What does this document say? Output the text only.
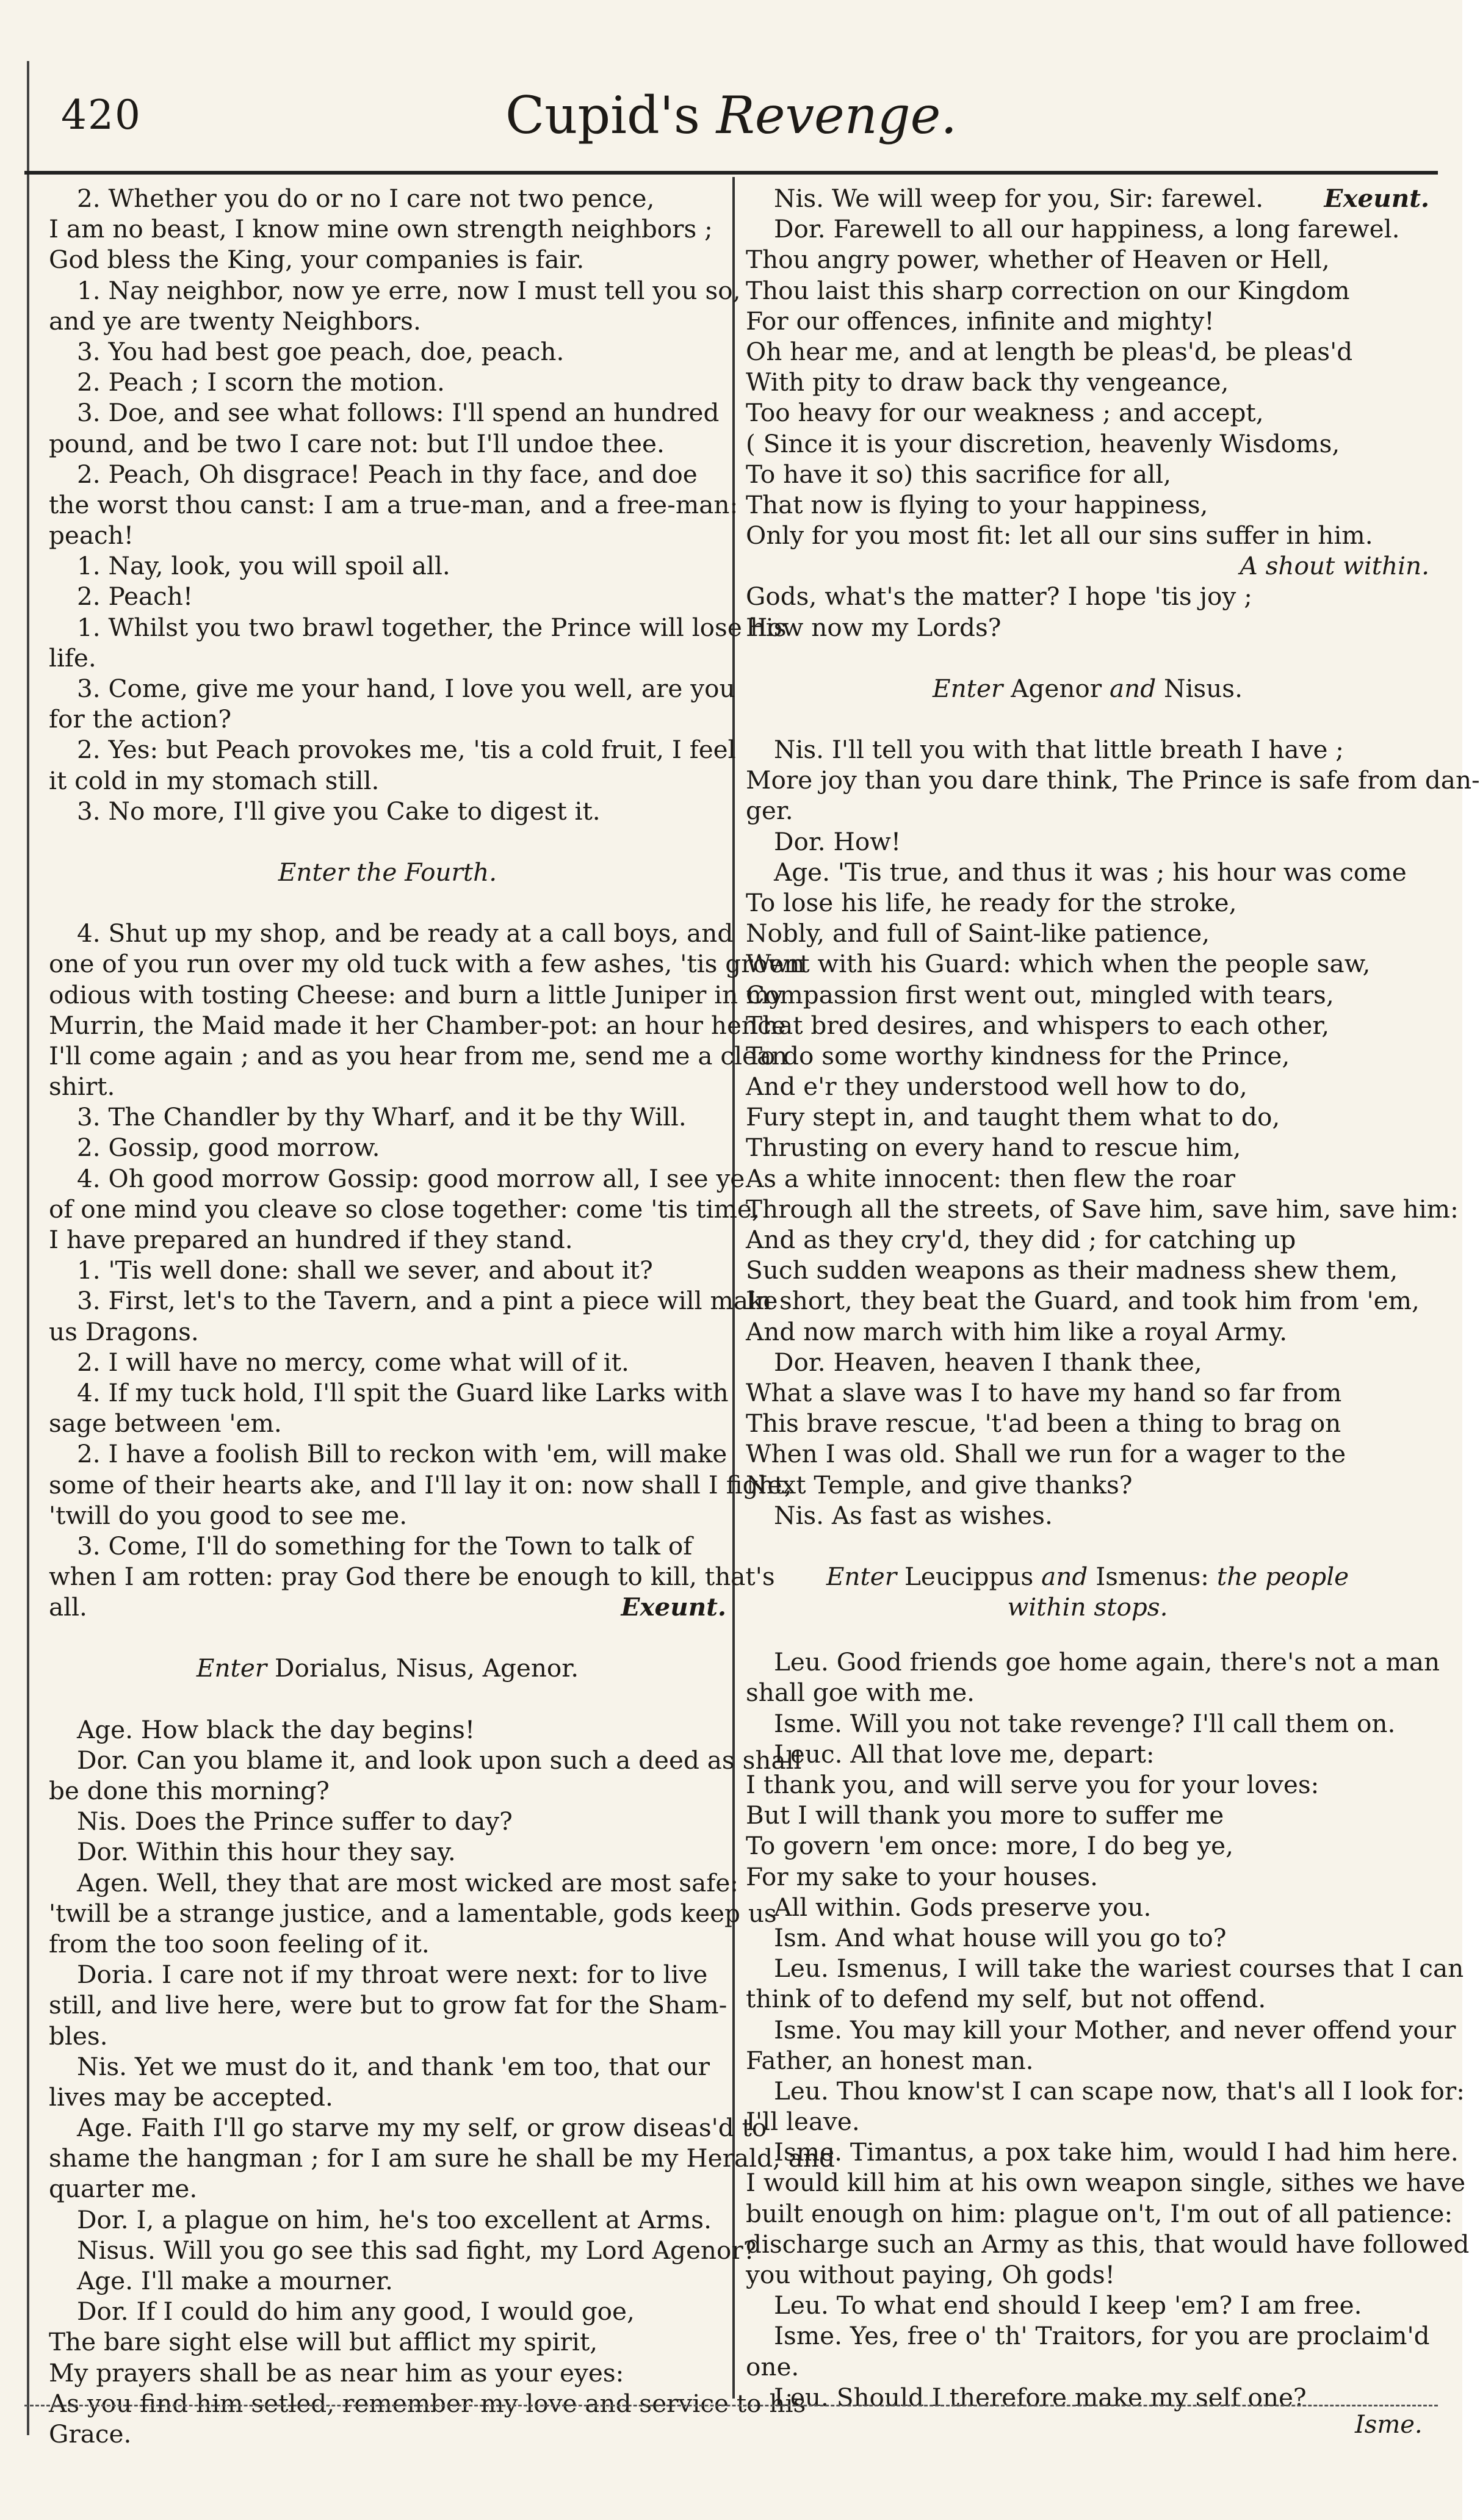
420	Cupid's Revenge.
2. Whether you do or no I care not two pence,
I am no beast, I know mine own strength neighbors ;
God bless the King, your companies is fair.
1. Nay neighbor, now ye erre, now I must tell you so,
and ye are twenty Neighbors.
3. You had best goe peach, doe, peach.
2. Peach ; I scorn the motion.
3. Doe, and see what follows: I'll spend an hundred
pound, and be two I care not: but I'll undoe thee.
2. Peach, Oh disgrace! Peach in thy face, and doe
the worst thou canst: I am a true-man, and a free-man:
peach!
1. Nay, look, you will spoil all.
2. Peach!
1. Whilst you two brawl together, the Prince will lose his
life.
3. Come, give me your hand, I love you well, are you
for the action?
2. Yes: but Peach provokes me, 'tis a cold fruit, I feel
it cold in my stomach still.
3. No more, I'll give you Cake to digest it.
Enter the Fourth.
4. Shut up my shop, and be ready at a call boys, and
one of you run over my old tuck with a few ashes, 'tis grown
odious with tosting Cheese: and burn a little Juniper in my
Murrin, the Maid made it her Chamber-pot: an hour hence
I'll come again ; and as you hear from me, send me a clean
shirt.
3. The Chandler by thy Wharf, and it be thy Will.
2. Gossip, good morrow.
4. Oh good morrow Gossip: good morrow all, I see ye
of one mind you cleave so close together: come 'tis time,
I have prepared an hundred if they stand.
1. 'Tis well done: shall we sever, and about it?
3. First, let's to the Tavern, and a pint a piece will make
us Dragons.
2. I will have no mercy, come what will of it.
4. If my tuck hold, I'll spit the Guard like Larks with
sage between 'em.
2. I have a foolish Bill to reckon with 'em, will make
some of their hearts ake, and I'll lay it on: now shall I fight,
'twill do you good to see me.
3. Come, I'll do something for the Town to talk of
when I am rotten: pray God there be enough to kill, that's
all.	Exeunt.
Enter Dorialus, Nisus, Agenor.
Age. How black the day begins!
Dor. Can you blame it, and look upon such a deed as shall
be done this morning?
Nis. Does the Prince suffer to day?
Dor. Within this hour they say.
Agen. Well, they that are most wicked are most safe:
'twill be a strange justice, and a lamentable, gods keep us
from the too soon feeling of it.
Doria. I care not if my throat were next: for to live
still, and live here, were but to grow fat for the Sham-
bles.
Nis. Yet we must do it, and thank 'em too, that our
lives may be accepted.
Age. Faith I'll go starve my my self, or grow diseas'd to
shame the hangman ; for I am sure he shall be my Herald, and
quarter me.
Dor. I, a plague on him, he's too excellent at Arms.
Nisus. Will you go see this sad fight, my Lord Agenor?
Age. I'll make a mourner.
Dor. If I could do him any good, I would goe,
The bare sight else will but afflict my spirit,
My prayers shall be as near him as your eyes:
As you find him setled, remember my love and service to his
Grace.
Nis. We will weep for you, Sir: farewel. Exeunt.
Dor. Farewell to all our happiness, a long farewel.
Thou angry power, whether of Heaven or Hell,
Thou laist this sharp correction on our Kingdom
For our offences, infinite and mighty!
Oh hear me, and at length be pleas'd, be pleas'd
With pity to draw back thy vengeance,
Too heavy for our weakness ; and accept,
( Since it is your discretion, heavenly Wisdoms,
To have it so) this sacrifice for all,
That now is flying to your happiness,
Only for you most fit: let all our sins suffer in him.
A shout within.
Gods, what's the matter? I hope 'tis joy ;
How now my Lords?
Enter Agenor and Nisus.
Nis. I'll tell you with that little breath I have ;
More joy than you dare think, The Prince is safe from dan-
ger.
Dor. How!
Age. 'Tis true, and thus it was ; his hour was come
To lose his life, he ready for the stroke,
Nobly, and full of Saint-like patience,
Went with his Guard: which when the people saw,
Compassion first went out, mingled with tears,
That bred desires, and whispers to each other,
To do some worthy kindness for the Prince,
And e'r they understood well how to do,
Fury stept in, and taught them what to do,
Thrusting on every hand to rescue him,
As a white innocent: then flew the roar
Through all the streets, of Save him, save him, save him:
And as they cry'd, they did ; for catching up
Such sudden weapons as their madness shew them,
In short, they beat the Guard, and took him from 'em,
And now march with him like a royal Army.
Dor. Heaven, heaven I thank thee,
What a slave was I to have my hand so far from
This brave rescue, 't'ad been a thing to brag on
When I was old. Shall we run for a wager to the
Next Temple, and give thanks?
Nis. As fast as wishes.
Enter Leucippus and Ismenus: the people
within stops.
Leu. Good friends goe home again, there's not a man
shall goe with me.
Isme. Will you not take revenge? I'll call them on.
Leuc. All that love me, depart:
I thank you, and will serve you for your loves:
But I will thank you more to suffer me
To govern 'em once: more, I do beg ye,
For my sake to your houses.
All within. Gods preserve you.
Ism. And what house will you go to?
Leu. Ismenus, I will take the wariest courses that I can
think of to defend my self, but not offend.
Isme. You may kill your Mother, and never offend your
Father, an honest man.
Leu. Thou know'st I can scape now, that's all I look for:
I'll leave.
Isme. Timantus, a pox take him, would I had him here.
I would kill him at his own weapon single, sithes we have
built enough on him: plague on't, I'm out of all patience:
discharge such an Army as this, that would have followed
you without paying, Oh gods!
Leu. To what end should I keep 'em? I am free.
Isme. Yes, free o' th' Traitors, for you are proclaim'd
one.
Leu. Should I therefore make my self one?
Isme.
